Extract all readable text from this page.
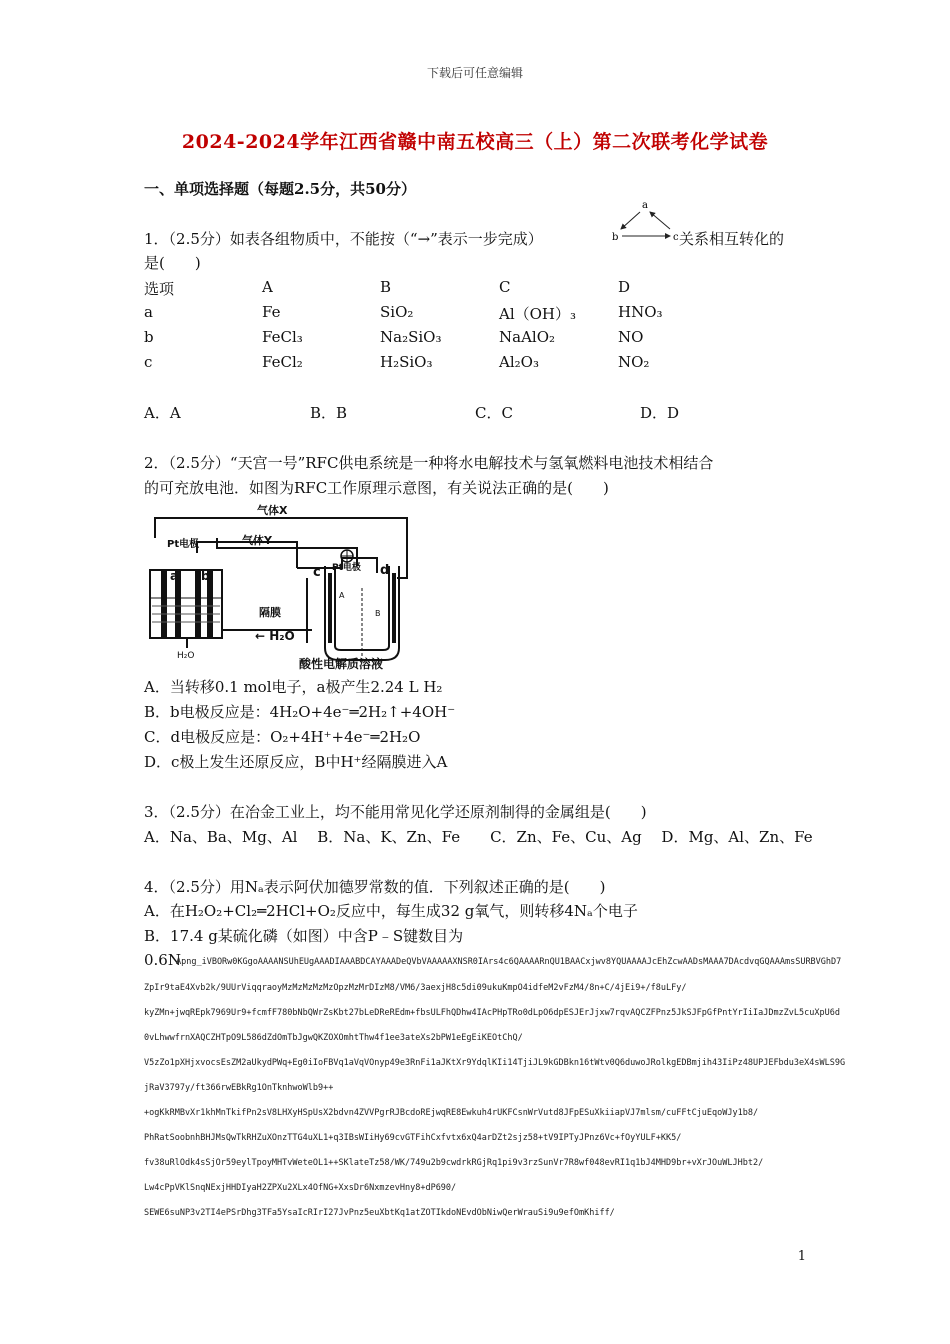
下载后可任意编辑
2024-2024学年江西省赣中南五校高三（上）第二次联考化学试卷
一、单项选择题（每题2.5分，共50分）
1．（2.5分）如表各组物质中，不能按（“→”表示一步完成）
a
b	c 关系相互转化的
是(　　)
选项	A	B	C	D
a	Fe	SiO₂	Al（OH）₃	HNO₃
b	FeCl₃	Na₂SiO₃	NaAlO₂	NO
c	FeCl₂	H₂SiO₃	Al₂O₃	NO₂
A．A	B．B	C．C	D．D
2．（2.5分）“天宫一号”RFC供电系统是一种将水电解技术与氢氧燃料电池技术相结合
的可充放电池．如图为RFC工作原理示意图，有关说法正确的是(　　)
气体X
气体Y
Pt电极
Pt电极
a b	c	d
A
B
隔膜
← H₂O
H₂O
酸性电解质溶液
A．当转移0.1 mol电子，a极产生2.24 L H₂
B．b电极反应是：4H₂O+4e⁻═2H₂↑+4OH⁻
C．d电极反应是：O₂+4H⁺+4e⁻═2H₂O
D．c极上发生还原反应，B中H⁺经隔膜进入A
3．（2.5分）在冶金工业上，均不能用常见化学还原剂制得的金属组是(　　)
A．Na、Ba、Mg、Al　 B．Na、K、Zn、Fe　　C．Zn、Fe、Cu、Ag　 D．Mg、Al、Zn、Fe
4．（2.5分）用Nₐ表示阿伏加德罗常数的值．下列叙述正确的是(　　)
A．在H₂O₂+Cl₂═2HCl+O₂反应中，每生成32 g氧气，则转移4Nₐ个电子
B．17.4 g某硫化磷（如图）中含P﹣S键数目为
0.6N
Apng_iVBORw0KGgoAAAANSUhEUgAAADIAAABDCAYAAADeQVbVAAAAAXNSR0IArs4c6QAAAARnQU1BAACxjwv8YQUAAAAJcEhZcwAADsMAAA7DAcdvqGQAAAmsSURBVGhD7
ZpIr9taE4Xvb2k/9UUrViqqraoyMzMzMzMzMzOpzMzMrDIzM8/VM6/3aexjH8c5di09ukuKmpO4idfeM2vFzM4/8n+C/4jEi9+/f8uLFy/
kyZMn+jwqREpk7969Ur9+fcmfF780bNbQWrZsKbt27bLeDReREdm+fbsULFhQDhw4IAcPHpTRo0dLpO6dpESJErJjxw7rqvAQCZFPnz5JkSJFpGfPntYrIiIaJDmzZvL5cuXpU6d
0vLhwwfrnXAQCZHTpO9L586dZdOmTbJgwQKZOXOmhtThw4f1ee3ateXs2bPW1eEgEiKEOtChQ/
V5zZo1pXHjxvocsEsZM2aUkydPWq+Eg0iIoFBVq1aVqVOnyp49e3RnFi1aJKtXr9YdqlKIi14TjiJL9kGDBkn16tWtv0Q6duwoJRolkgEDBmjih43IiPz48UPJEFbdu3eX4sWLS9G
jRaV3797y/ft366rwEBkRg1OnTknhwoWlb9++
+ogKkRMBvXr1khMnTkifPn2sV8LHXyHSpUsX2bdvn4ZVVPgrRJBcdoREjwqRE8Ewkuh4rUKFCsnWrVutd8JFpESuXkiiapVJ7mlsm/cuFFtCjuEqoWJy1b8/
PhRatSoobnhBHJMsQwTkRHZuXOnzTTG4uXL1+q3IBsWIiHy69cvGTFihCxfvtx6xQ4arDZt2sjz58+tV9IPTyJPnz6Vc+fOyYULF+KK5/
fv38uRlOdk4sSjOr59eylTpoyMHTvWeteOL1++SKlateTz58/WK/749u2b9cwdrkRGjRq1pi9v3rzSunVr7R8wf048evRI1q1bJ4MHD9br+vXrJOuWLJHbt2/
Lw4cPpVKlSnqNExjHHDIyaH2ZPXu2XLx4OfNG+XxsDr6NxmzevHny8+dP690/
SEWE6suNP3v2TI4ePSrDhg3TFa5YsaIcRIrI27JvPnz5euXbtKq1atZOTIkdoNEvdObNiwQerWrauSi9u9efOmKhiff/
1
